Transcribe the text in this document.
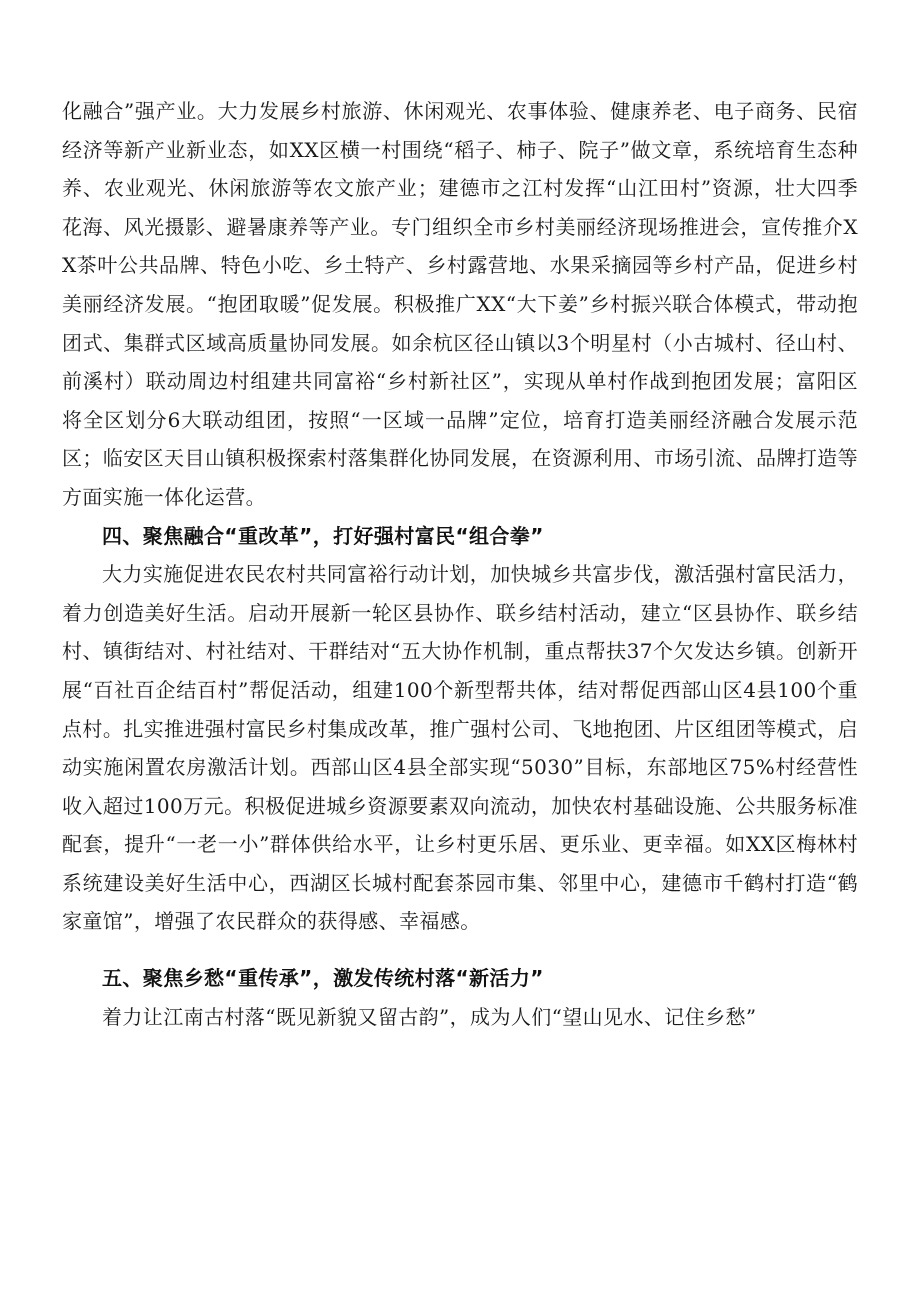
化融合”强产业。大力发展乡村旅游、休闲观光、农事体验、健康养老、电子商务、民宿经济等新产业新业态，如XX区横一村围绕“稻子、柿子、院子”做文章，系统培育生态种养、农业观光、休闲旅游等农文旅产业；建德市之江村发挥“山江田村”资源，壮大四季花海、风光摄影、避暑康养等产业。专门组织全市乡村美丽经济现场推进会，宣传推介XX茶叶公共品牌、特色小吃、乡土特产、乡村露营地、水果采摘园等乡村产品，促进乡村美丽经济发展。“抱团取暖”促发展。积极推广XX“大下姜”乡村振兴联合体模式，带动抱团式、集群式区域高质量协同发展。如余杭区径山镇以3个明星村（小古城村、径山村、前溪村）联动周边村组建共同富裕“乡村新社区”，实现从单村作战到抱团发展；富阳区将全区划分6大联动组团，按照“一区域一品牌”定位，培育打造美丽经济融合发展示范区；临安区天目山镇积极探索村落集群化协同发展，在资源利用、市场引流、品牌打造等方面实施一体化运营。

四、聚焦融合“重改革”，打好强村富民“组合拳”

大力实施促进农民农村共同富裕行动计划，加快城乡共富步伐，激活强村富民活力，着力创造美好生活。启动开展新一轮区县协作、联乡结村活动，建立“区县协作、联乡结村、镇街结对、村社结对、干群结对“五大协作机制，重点帮扶37个欠发达乡镇。创新开展“百社百企结百村”帮促活动，组建100个新型帮共体，结对帮促西部山区4县100个重点村。扎实推进强村富民乡村集成改革，推广强村公司、飞地抱团、片区组团等模式，启动实施闲置农房激活计划。西部山区4县全部实现“5030”目标，东部地区75%村经营性收入超过100万元。积极促进城乡资源要素双向流动，加快农村基础设施、公共服务标准配套，提升“一老一小”群体供给水平，让乡村更乐居、更乐业、更幸福。如XX区梅林村系统建设美好生活中心，西湖区长城村配套茶园市集、邻里中心，建德市千鹤村打造“鹤家童馆”，增强了农民群众的获得感、幸福感。

五、聚焦乡愁“重传承”，激发传统村落“新活力”

着力让江南古村落“既见新貌又留古韵”，成为人们“望山见水、记住乡愁”
